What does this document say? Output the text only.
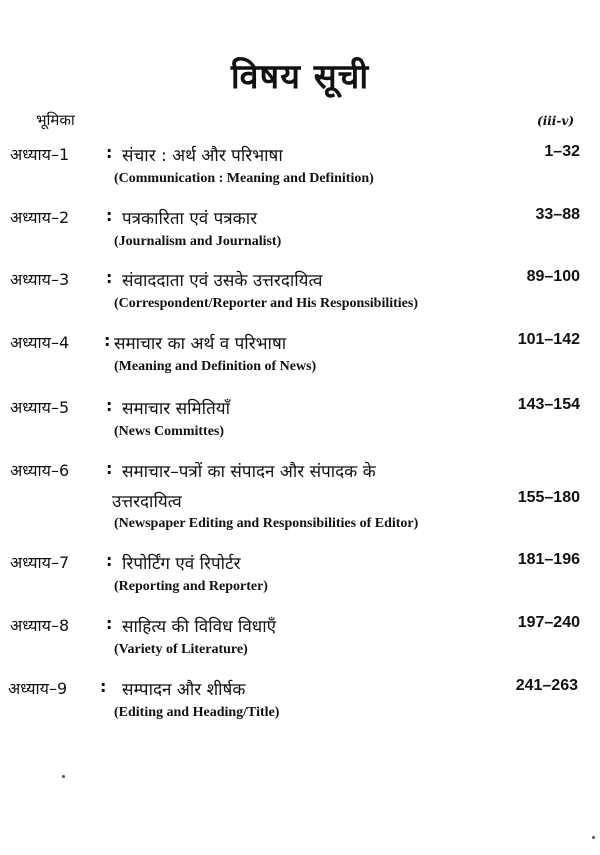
विषय सूची
भूमिका	(iii-v)
अध्याय–1 : संचार : अर्थ और परिभाषा	1–32
(Communication : Meaning and Definition)
अध्याय–2 : पत्रकारिता एवं पत्रकार	33–88
(Journalism and Journalist)
अध्याय–3 : संवाददाता एवं उसके उत्तरदायित्व	89–100
(Correspondent/Reporter and His Responsibilities)
अध्याय–4 : समाचार का अर्थ व परिभाषा	101–142
(Meaning and Definition of News)
अध्याय–5 : समाचार समितियाँ	143–154
(News Committes)
अध्याय–6 : समाचार–पत्रों का संपादन और संपादक के
उत्तरदायित्व	155–180
(Newspaper Editing and Responsibilities of Editor)
अध्याय–7 : रिपोर्टिंग एवं रिपोर्टर	181–196
(Reporting and Reporter)
अध्याय–8 : साहित्य की विविध विधाएँ	197–240
(Variety of Literature)
अध्याय–9 : सम्पादन और शीर्षक	241–263
(Editing and Heading/Title)
